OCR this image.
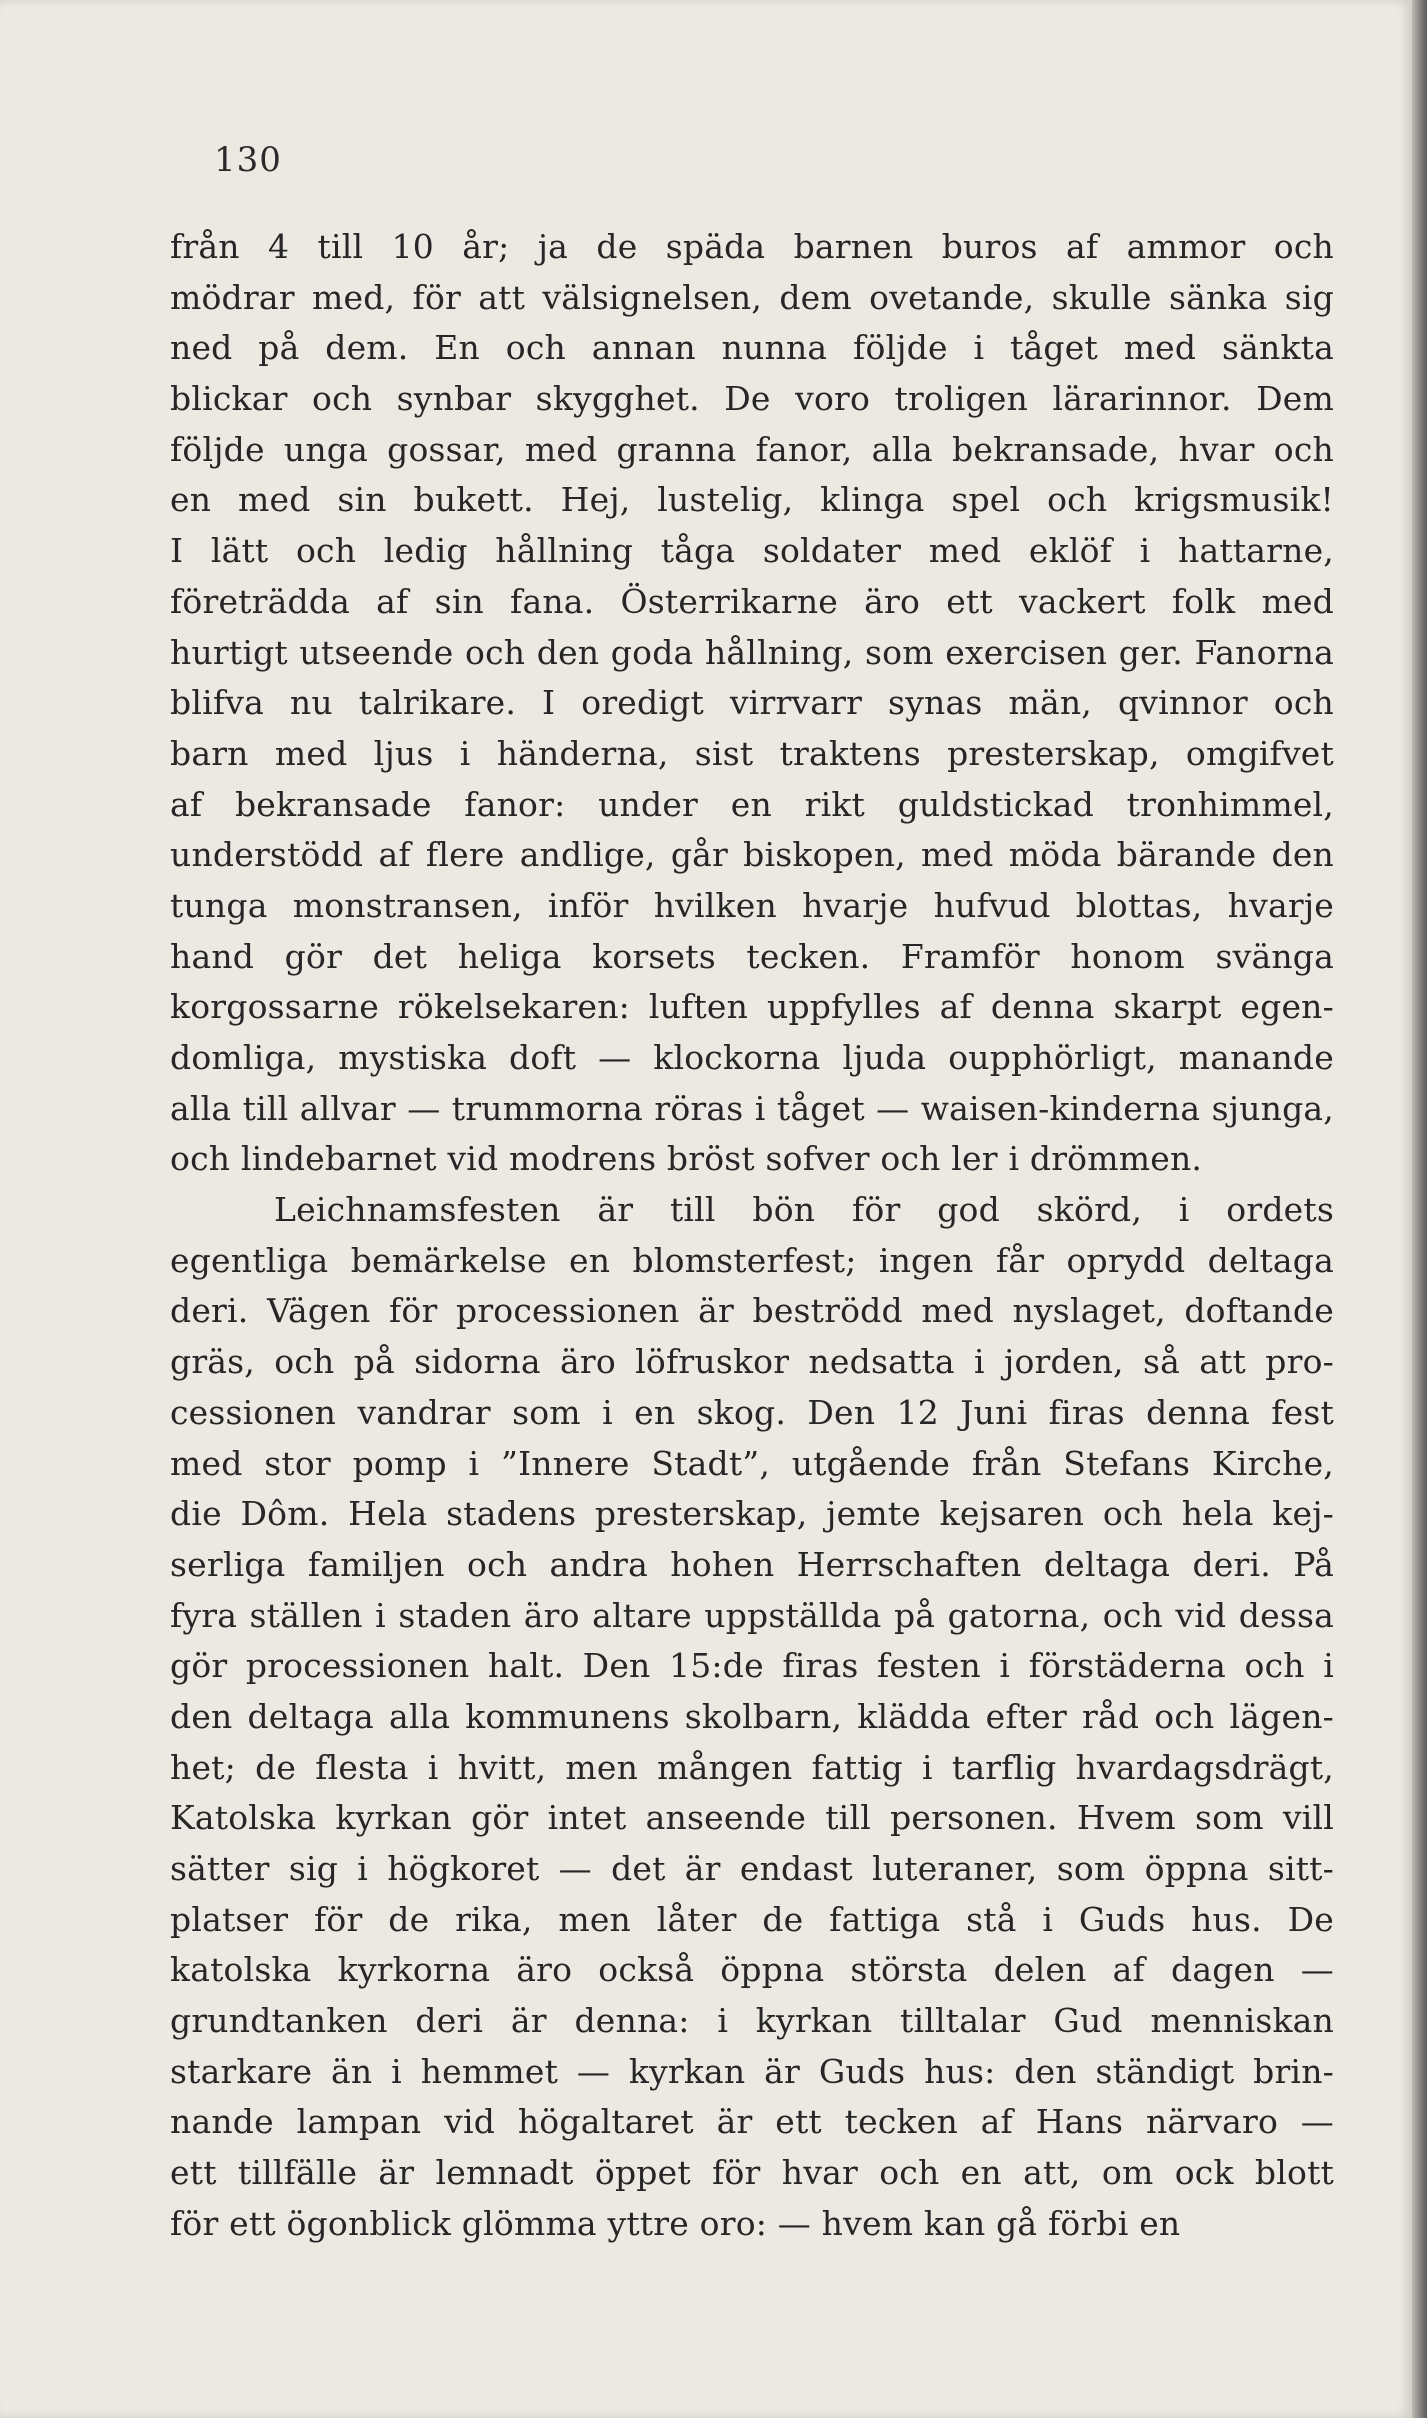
130
från 4 till 10 år; ja de späda barnen buros af ammor och
mödrar med, för att välsignelsen, dem ovetande, skulle sänka sig
ned på dem. En och annan nunna följde i tåget med sänkta
blickar och synbar skygghet. De voro troligen lärarinnor. Dem
följde unga gossar, med granna fanor, alla bekransade, hvar och
en med sin bukett. Hej, lustelig, klinga spel och krigsmusik!
I lätt och ledig hållning tåga soldater med eklöf i hattarne,
företrädda af sin fana. Österrikarne äro ett vackert folk med
hurtigt utseende och den goda hållning, som exercisen ger. Fanorna
blifva nu talrikare. I oredigt virrvarr synas män, qvinnor och
barn med ljus i händerna, sist traktens presterskap, omgifvet
af bekransade fanor: under en rikt guldstickad tronhimmel,
understödd af flere andlige, går biskopen, med möda bärande den
tunga monstransen, inför hvilken hvarje hufvud blottas, hvarje
hand gör det heliga korsets tecken. Framför honom svänga
korgossarne rökelsekaren: luften uppfylles af denna skarpt egen-
domliga, mystiska doft — klockorna ljuda oupphörligt, manande
alla till allvar — trummorna röras i tåget — waisen-kinderna sjunga,
och lindebarnet vid modrens bröst sofver och ler i drömmen.
Leichnamsfesten är till bön för god skörd, i ordets
egentliga bemärkelse en blomsterfest; ingen får oprydd deltaga
deri. Vägen för processionen är beströdd med nyslaget, doftande
gräs, och på sidorna äro löfruskor nedsatta i jorden, så att pro-
cessionen vandrar som i en skog. Den 12 Juni firas denna fest
med stor pomp i ”Innere Stadt”, utgående från Stefans Kirche,
die Dôm. Hela stadens presterskap, jemte kejsaren och hela kej-
serliga familjen och andra hohen Herrschaften deltaga deri. På
fyra ställen i staden äro altare uppställda på gatorna, och vid dessa
gör processionen halt. Den 15:de firas festen i förstäderna och i
den deltaga alla kommunens skolbarn, klädda efter råd och lägen-
het; de flesta i hvitt, men mången fattig i tarflig hvardagsdrägt,
Katolska kyrkan gör intet anseende till personen. Hvem som vill
sätter sig i högkoret — det är endast luteraner, som öppna sitt-
platser för de rika, men låter de fattiga stå i Guds hus. De
katolska kyrkorna äro också öppna största delen af dagen —
grundtanken deri är denna: i kyrkan tilltalar Gud menniskan
starkare än i hemmet — kyrkan är Guds hus: den ständigt brin-
nande lampan vid högaltaret är ett tecken af Hans närvaro —
ett tillfälle är lemnadt öppet för hvar och en att, om ock blott
för ett ögonblick glömma yttre oro: — hvem kan gå förbi en
